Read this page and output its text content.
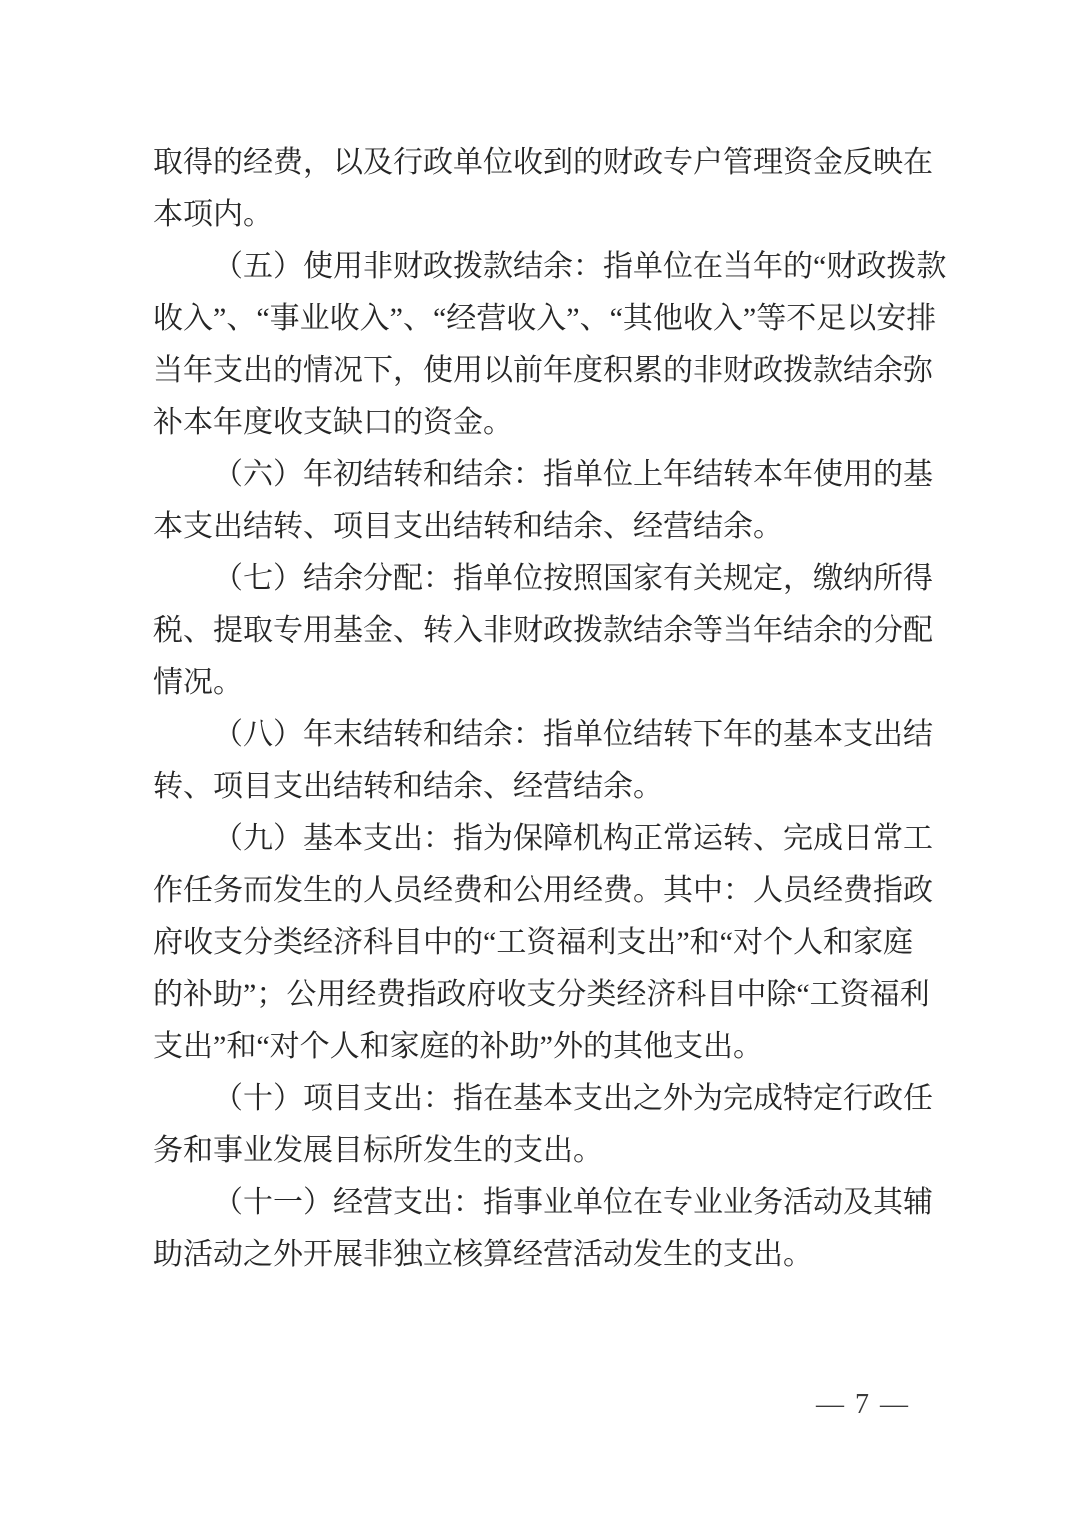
取得的经费，以及行政单位收到的财政专户管理资金反映在
本项内。
（五）使用非财政拨款结余：指单位在当年的“财政拨款
收入”、“事业收入”、“经营收入”、“其他收入”等不足以安排
当年支出的情况下，使用以前年度积累的非财政拨款结余弥
补本年度收支缺口的资金。
（六）年初结转和结余：指单位上年结转本年使用的基
本支出结转、项目支出结转和结余、经营结余。
（七）结余分配：指单位按照国家有关规定，缴纳所得
税、提取专用基金、转入非财政拨款结余等当年结余的分配
情况。
（八）年末结转和结余：指单位结转下年的基本支出结
转、项目支出结转和结余、经营结余。
（九）基本支出：指为保障机构正常运转、完成日常工
作任务而发生的人员经费和公用经费。其中：人员经费指政
府收支分类经济科目中的“工资福利支出”和“对个人和家庭
的补助”；公用经费指政府收支分类经济科目中除“工资福利
支出”和“对个人和家庭的补助”外的其他支出。
（十）项目支出：指在基本支出之外为完成特定行政任
务和事业发展目标所发生的支出。
（十一）经营支出：指事业单位在专业业务活动及其辅
助活动之外开展非独立核算经营活动发生的支出。
— 7 —
